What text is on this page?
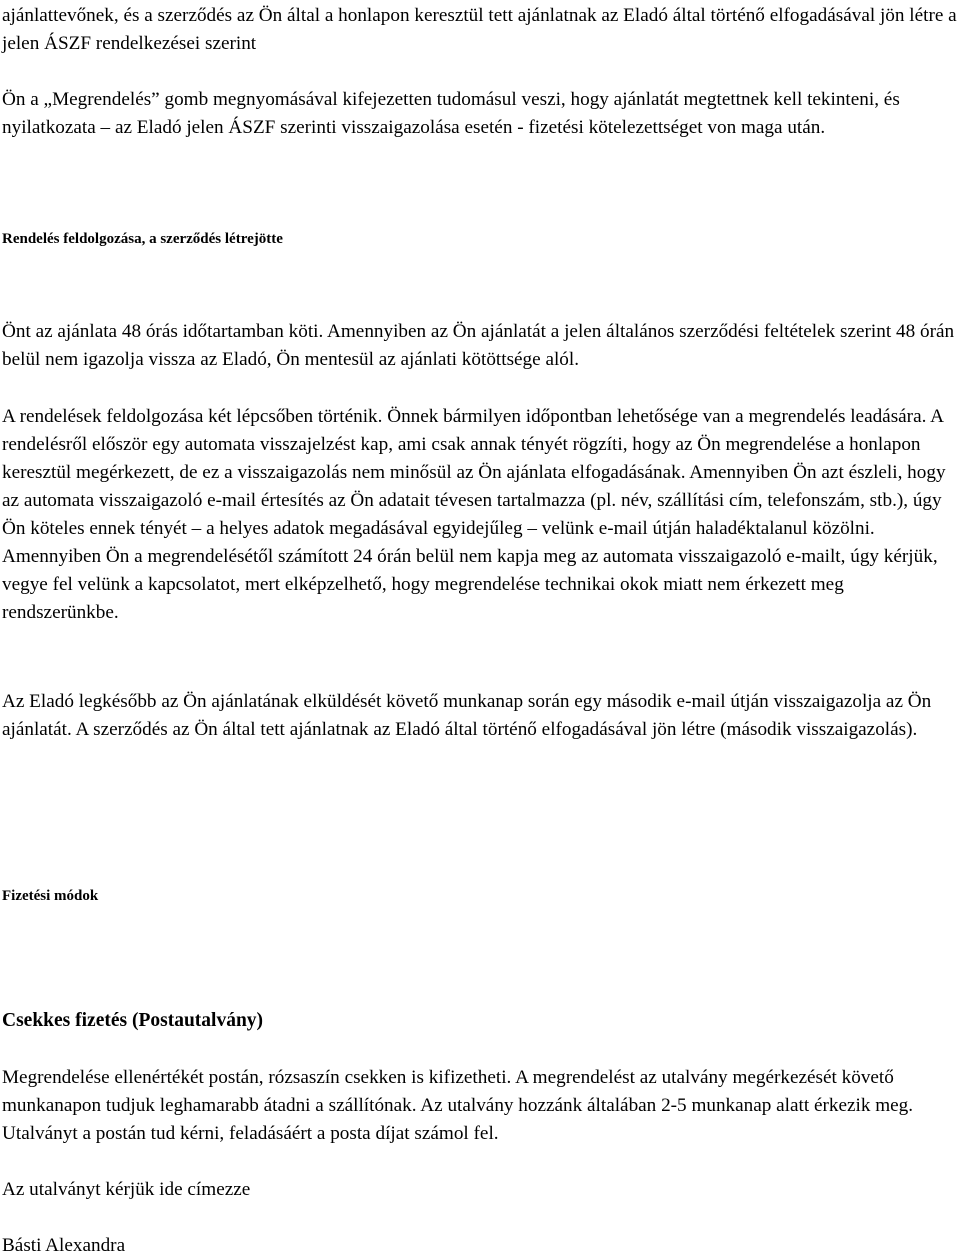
ajánlattevőnek, és a szerződés az Ön által a honlapon keresztül tett ajánlatnak az Eladó által történő elfogadásával jön létre a jelen ÁSZF rendelkezései szerint

Ön a „Megrendelés” gomb megnyomásával kifejezetten tudomásul veszi, hogy ajánlatát megtettnek kell tekinteni, és nyilatkozata – az Eladó jelen ÁSZF szerinti visszaigazolása esetén - fizetési kötelezettséget von maga után.

Rendelés feldolgozása, a szerződés létrejötte

Önt az ajánlata 48 órás időtartamban köti. Amennyiben az Ön ajánlatát a jelen általános szerződési feltételek szerint 48 órán belül nem igazolja vissza az Eladó, Ön mentesül az ajánlati kötöttsége alól.

A rendelések feldolgozása két lépcsőben történik. Önnek bármilyen időpontban lehetősége van a megrendelés leadására. A rendelésről először egy automata visszajelzést kap, ami csak annak tényét rögzíti, hogy az Ön megrendelése a honlapon keresztül megérkezett, de ez a visszaigazolás nem minősül az Ön ajánlata elfogadásának. Amennyiben Ön azt észleli, hogy az automata visszaigazoló e-mail értesítés az Ön adatait tévesen tartalmazza (pl. név, szállítási cím, telefonszám, stb.), úgy Ön köteles ennek tényét – a helyes adatok megadásával egyidejűleg – velünk e-mail útján haladéktalanul közölni. Amennyiben Ön a megrendelésétől számított 24 órán belül nem kapja meg az automata visszaigazoló e-mailt, úgy kérjük, vegye fel velünk a kapcsolatot, mert elképzelhető, hogy megrendelése technikai okok miatt nem érkezett meg rendszerünkbe.

Az Eladó legkésőbb az Ön ajánlatának elküldését követő munkanap során egy második e-mail útján visszaigazolja az Ön ajánlatát. A szerződés az Ön által tett ajánlatnak az Eladó által történő elfogadásával jön létre (második visszaigazolás).

Fizetési módok
Csekkes fizetés (Postautalvány)

Megrendelése ellenértékét postán, rózsaszín csekken is kifizetheti. A megrendelést az utalvány megérkezését követő munkanapon tudjuk leghamarabb átadni a szállítónak. Az utalvány hozzánk általában 2-5 munkanap alatt érkezik meg. Utalványt a postán tud kérni, feladásáért a posta díjat számol fel.

Az utalványt kérjük ide címezze

Básti Alexandra
